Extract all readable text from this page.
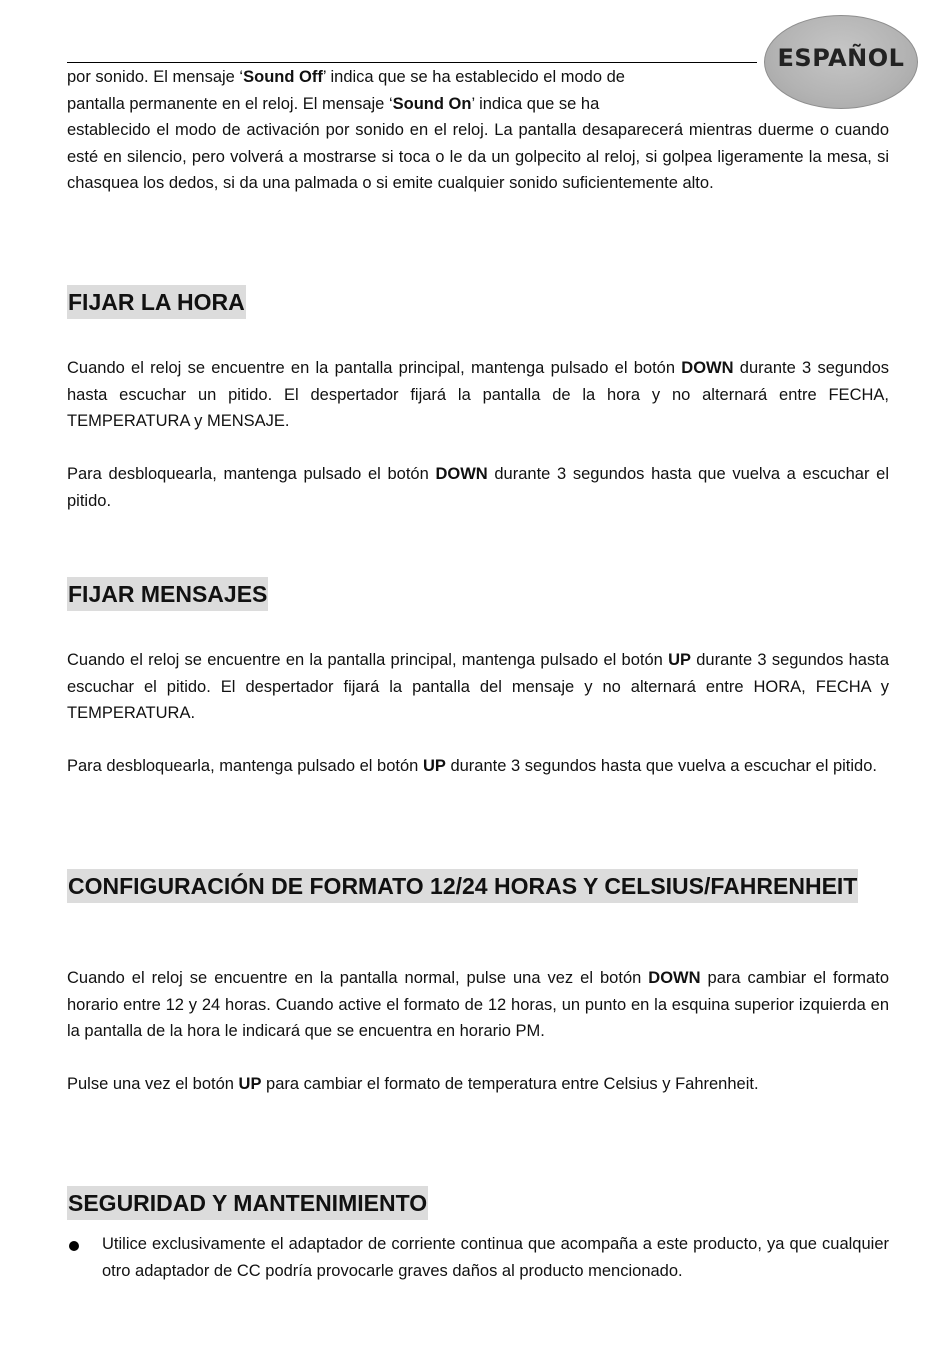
ESPAÑOL
por sonido. El mensaje ‘Sound Off’ indica que se ha establecido el modo de
pantalla permanente en el reloj. El mensaje ‘Sound On’ indica que se ha
establecido el modo de activación por sonido en el reloj. La pantalla desaparecerá mientras duerme o cuando esté en silencio, pero volverá a mostrarse si toca o le da un golpecito al reloj, si golpea ligeramente la mesa, si chasquea los dedos, si da una palmada o si emite cualquier sonido suficientemente alto.
FIJAR LA HORA
Cuando el reloj se encuentre en la pantalla principal, mantenga pulsado el botón DOWN durante 3 segundos hasta escuchar un pitido. El despertador fijará la pantalla de la hora y no alternará entre FECHA, TEMPERATURA y MENSAJE.
Para desbloquearla, mantenga pulsado el botón DOWN durante 3 segundos hasta que vuelva a escuchar el pitido.
FIJAR MENSAJES
Cuando el reloj se encuentre en la pantalla principal, mantenga pulsado el botón UP durante 3 segundos hasta escuchar el pitido. El despertador fijará la pantalla del mensaje y no alternará entre HORA, FECHA y TEMPERATURA.
Para desbloquearla, mantenga pulsado el botón UP durante 3 segundos hasta que vuelva a escuchar el pitido.
CONFIGURACIÓN DE FORMATO 12/24 HORAS Y CELSIUS/FAHRENHEIT
Cuando el reloj se encuentre en la pantalla normal, pulse una vez el botón DOWN para cambiar el formato horario entre 12 y 24 horas. Cuando active el formato de 12 horas, un punto en la esquina superior izquierda en la pantalla de la hora le indicará que se encuentra en horario PM.
Pulse una vez el botón UP para cambiar el formato de temperatura entre Celsius y Fahrenheit.
SEGURIDAD Y MANTENIMIENTO
Utilice exclusivamente el adaptador de corriente continua que acompaña a este producto, ya que cualquier otro adaptador de CC podría provocarle graves daños al producto mencionado.
